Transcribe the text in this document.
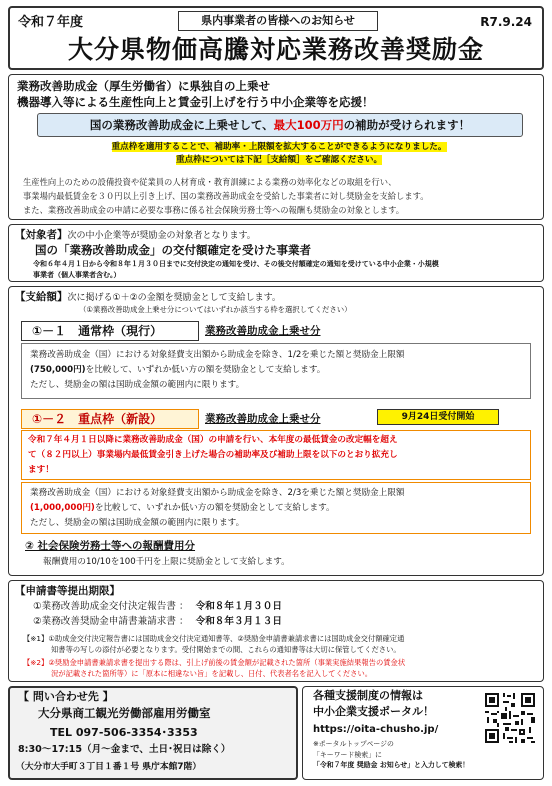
令和７年度	県内事業者の皆様へのお知らせ	R7.9.24
大分県物価高騰対応業務改善奨励金
業務改善助成金（厚生労働省）に県独自の上乗せ
機器導入等による生産性向上と賃金引上げを行う中小企業等を応援！
国の業務改善助成金に上乗せして、最大100万円の補助が受けられます！
重点枠を適用することで、補助率・上限額を拡大することができるようになりました。
重点枠については下記［支給額］をご確認ください。
生産性向上のための設備投資や従業員の人材育成・教育訓練による業務の効率化などの取組を行い、
事業場内最低賃金を３０円以上引き上げ、国の業務改善助成金を受給した事業者に対し奨励金を支給します。
また、業務改善助成金の申請に必要な事務に係る社会保険労務士等への報酬も奨励金の対象とします。
【対象者】次の中小企業等が奨励金の対象者となります。
国の「業務改善助成金」の交付額確定を受けた事業者
令和６年４月１日から令和８年１月３０日までに交付決定の通知を受け、その後交付額確定の通知を受けている中小企業・小規模
事業者（個人事業者含む。）
【支給額】次に掲げる①＋②の金額を奨励金として支給します。
（①業務改善助成金上乗せ分についてはいずれか該当する枠を選択してください）
①－１　通常枠（現行）	業務改善助成金上乗せ分
業務改善助成金（国）における対象経費支出額から助成金を除き、1/2を乗じた額と奨励金上限額
(750,000円)を比較して、いずれか低い方の額を奨励金として支給します。
ただし、奨励金の額は国助成金額の範囲内に限ります。
①－２　重点枠（新設）	業務改善助成金上乗せ分	9月24日受付開始
令和７年４月１日以降に業務改善助成金（国）の申請を行い、本年度の最低賃金の改定幅を超え
て（８２円以上）事業場内最低賃金引き上げた場合の補助率及び補助上限を以下のとおり拡充し
ます！
業務改善助成金（国）における対象経費支出額から助成金を除き、2/3を乗じた額と奨励金上限額
(1,000,000円)を比較して、いずれか低い方の額を奨励金として支給します。
ただし、奨励金の額は国助成金額の範囲内に限ります。
② 社会保険労務士等への報酬費用分
報酬費用の10/10を100千円を上限に奨励金として支給します。
【申請書等提出期限】
①業務改善助成金交付決定報告書 ： 令和８年１月３０日
②業務改善奨励金申請書兼請求書 ： 令和８年３月１３日
【※1】①助成金交付決定報告書には国助成金交付決定通知書等、②奨励金申請書兼請求書には国助成金交付額確定通
知書等の写しの添付が必要となります。受付開始までの間、これらの通知書等は大切に保管してください。
【※2】②奨励金申請書兼請求書を提出する際は、引上げ前後の賃金額が記載された箇所（事業実施結果報告の賃金状
況が記載された箇所等）に「原本に相違ない旨」を記載し、日付、代表者名を記入してください。
【 問い合わせ先 】
大分県商工観光労働部雇用労働室
TEL 097-506-3354･3353
8:30～17:15（月～金まで、土日･祝日は除く）
（大分市大手町３丁目１番１号 県庁本館7階）
各種支援制度の情報は
中小企業支援ポータル！
https://oita-chusho.jp/
※ポータルトップページの
「キーワード検索」に
「令和７年度 奨励金 お知らせ」と入力して検索！
